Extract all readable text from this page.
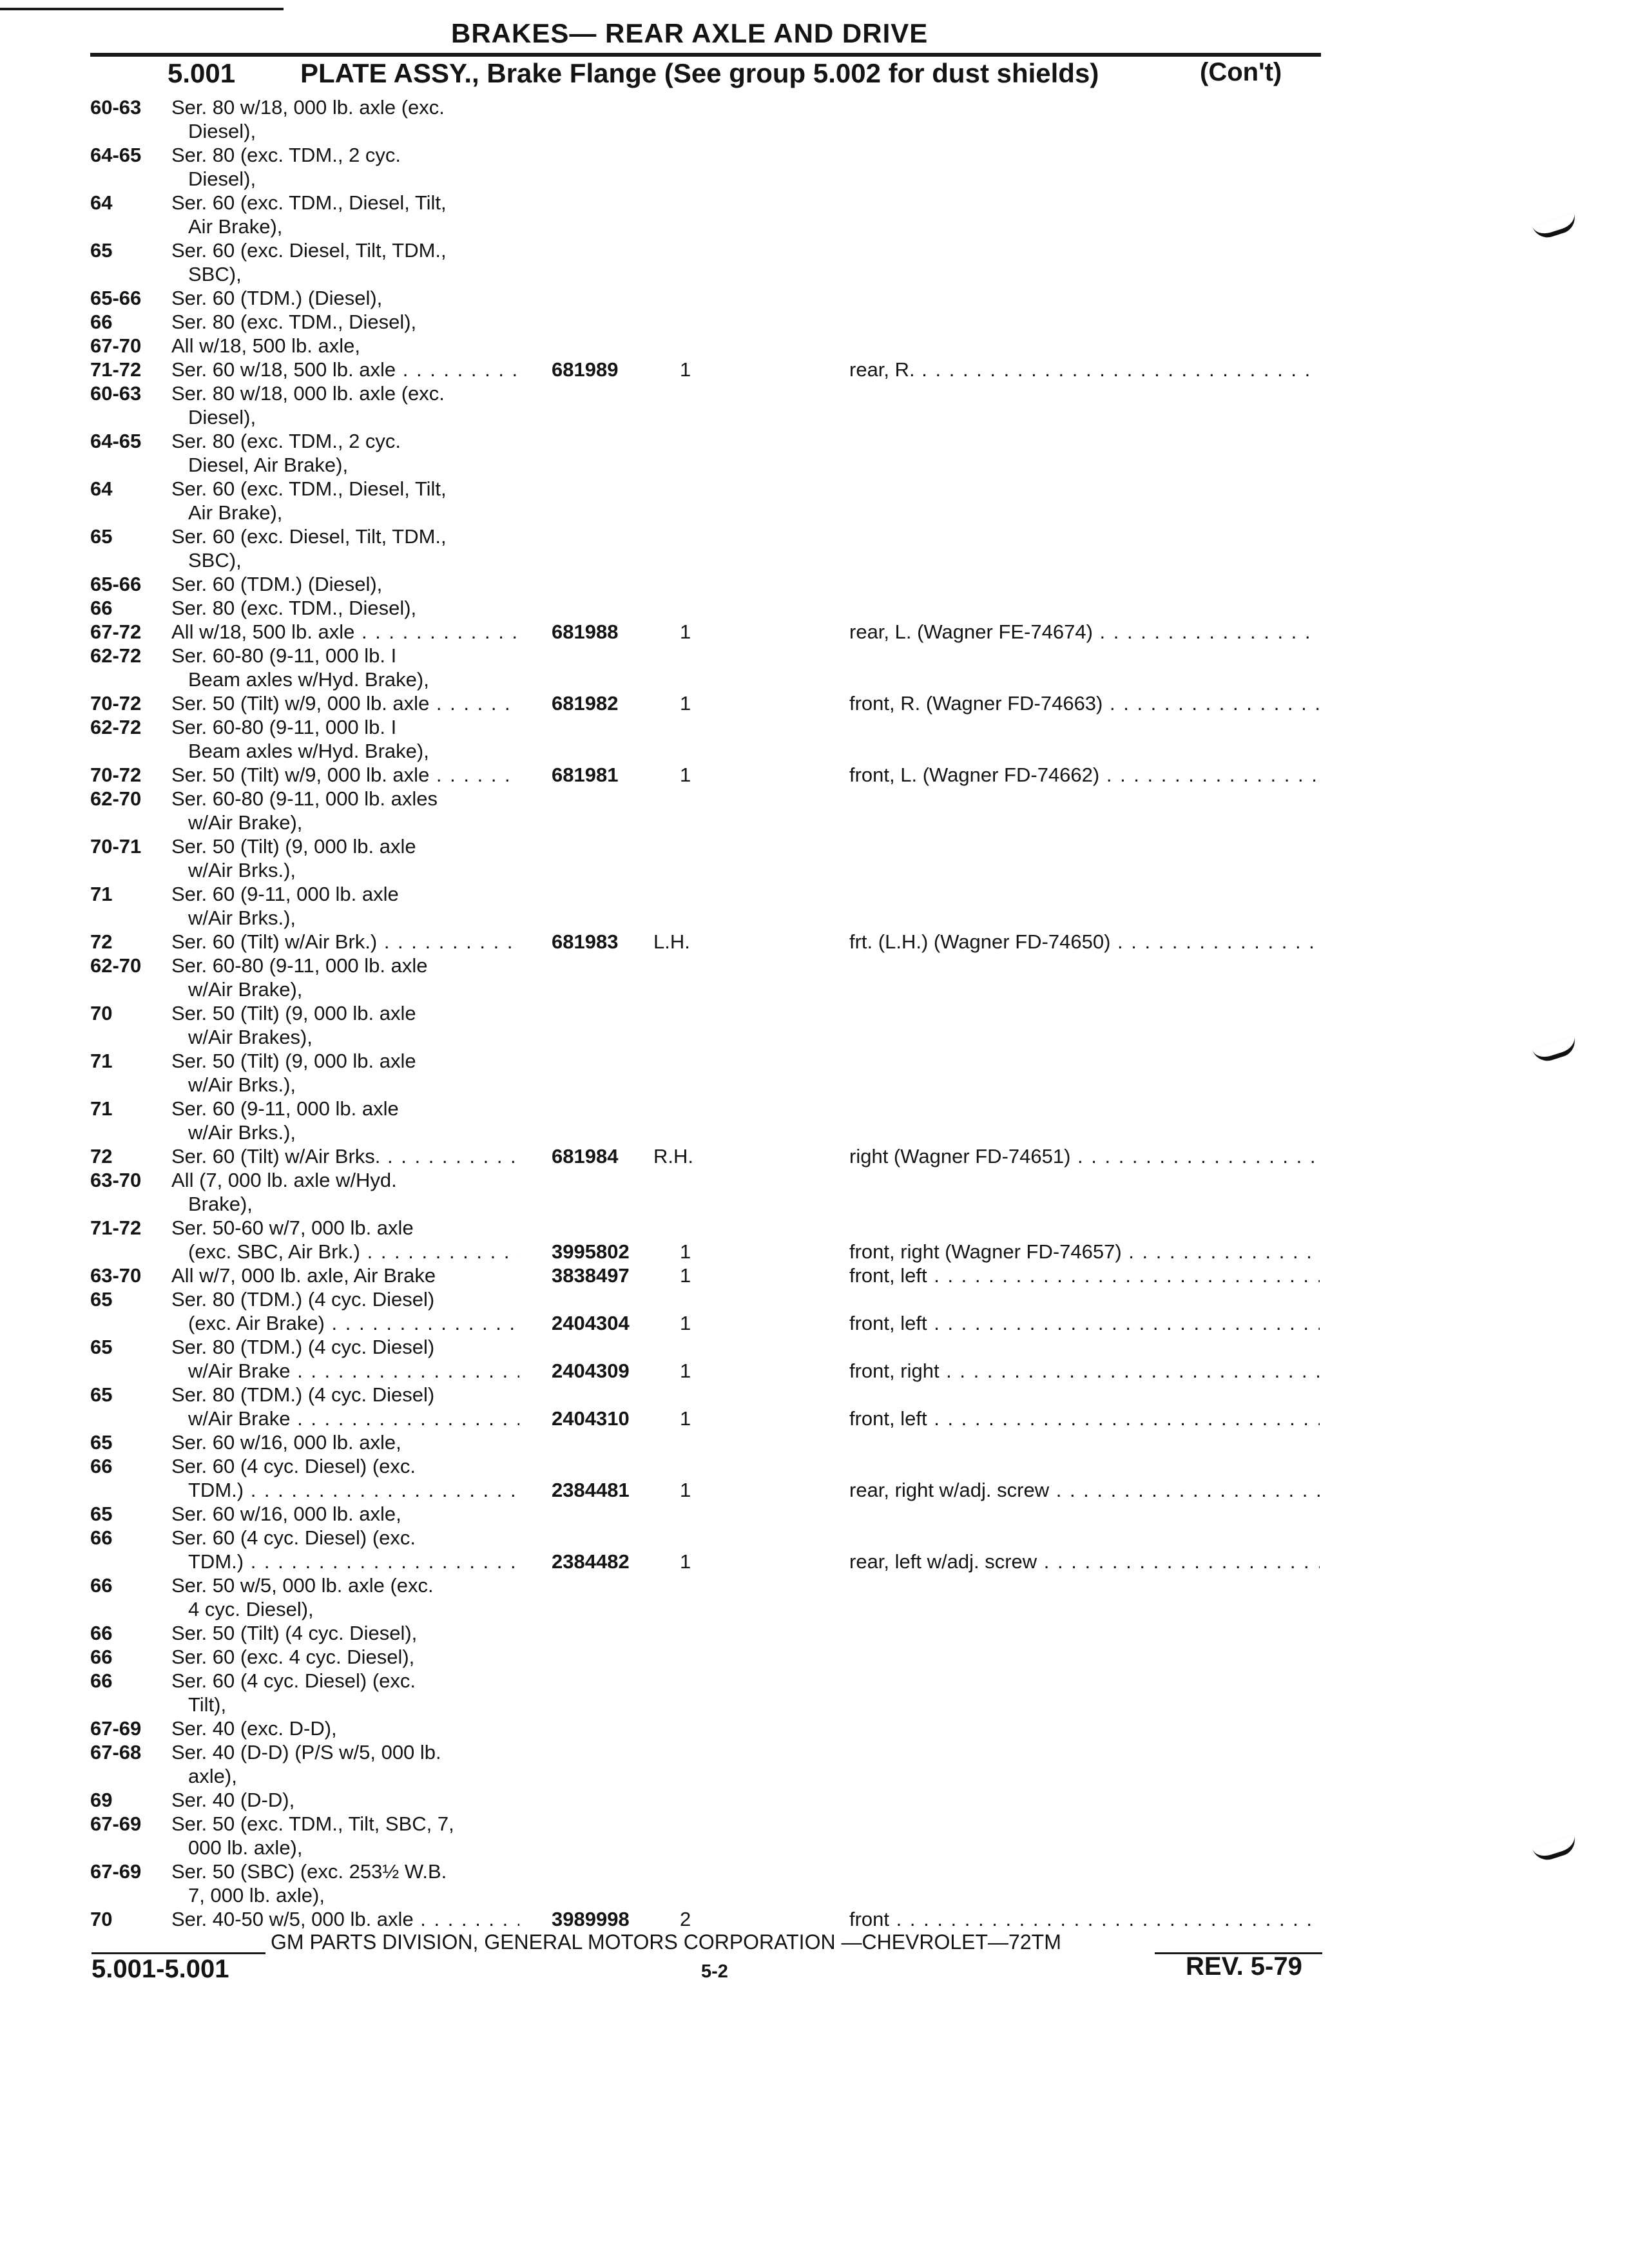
BRAKES— REAR AXLE AND DRIVE
5.001 PLATE ASSY., Brake Flange (See group 5.002 for dust shields)	(Con't)
60-63 Ser. 80 w/18, 000 lb. axle (exc.
Diesel),
64-65 Ser. 80 (exc. TDM., 2 cyc.
Diesel),
64	Ser. 60 (exc. TDM., Diesel, Tilt,
Air Brake),
65	Ser. 60 (exc. Diesel, Tilt, TDM.,
SBC),
65-66 Ser. 60 (TDM.) (Diesel),
66	Ser. 80 (exc. TDM., Diesel),
67-70 All w/18, 500 lb. axle,
71-72 Ser. 60 w/18, 500 lb. axle . . .	681989	1	rear, R. . . .
60-63 Ser. 80 w/18, 000 lb. axle (exc.
Diesel),
64-65 Ser. 80 (exc. TDM., 2 cyc.
Diesel, Air Brake),
64	Ser. 60 (exc. TDM., Diesel, Tilt,
Air Brake),
65	Ser. 60 (exc. Diesel, Tilt, TDM.,
SBC),
65-66 Ser. 60 (TDM.) (Diesel),
66	Ser. 80 (exc. TDM., Diesel),
67-72 All w/18, 500 lb. axle . . .	681988	1	rear, L. (Wagner FE-74674) . . .
62-72 Ser. 60-80 (9-11, 000 lb. I
Beam axles w/Hyd. Brake),
70-72 Ser. 50 (Tilt) w/9, 000 lb. axle . . .	681982	1	front, R. (Wagner FD-74663) . . .
62-72 Ser. 60-80 (9-11, 000 lb. I
Beam axles w/Hyd. Brake),
70-72 Ser. 50 (Tilt) w/9, 000 lb. axle . . .	681981	1	front, L. (Wagner FD-74662) . . .
62-70 Ser. 60-80 (9-11, 000 lb. axles
w/Air Brake),
70-71 Ser. 50 (Tilt) (9, 000 lb. axle
w/Air Brks.),
71	Ser. 60 (9-11, 000 lb. axle
w/Air Brks.),
72	Ser. 60 (Tilt) w/Air Brk.) . . .	681983 L.H.	frt. (L.H.) (Wagner FD-74650) . . .
62-70 Ser. 60-80 (9-11, 000 lb. axle
w/Air Brake),
70	Ser. 50 (Tilt) (9, 000 lb. axle
w/Air Brakes),
71	Ser. 50 (Tilt) (9, 000 lb. axle
w/Air Brks.),
71	Ser. 60 (9-11, 000 lb. axle
w/Air Brks.),
72	Ser. 60 (Tilt) w/Air Brks. . . .	681984 R.H.	right (Wagner FD-74651) . . .
63-70 All (7, 000 lb. axle w/Hyd.
Brake),
71-72 Ser. 50-60 w/7, 000 lb. axle
(exc. SBC, Air Brk.) . . .	3995802	1	front, right (Wagner FD-74657) . . .
63-70 All w/7, 000 lb. axle, Air Brake	3838497	1	front, left . . .
65	Ser. 80 (TDM.) (4 cyc. Diesel)
(exc. Air Brake) . . .	2404304	1	front, left . . .
65	Ser. 80 (TDM.) (4 cyc. Diesel)
w/Air Brake . . .	2404309	1	front, right . . .
65	Ser. 80 (TDM.) (4 cyc. Diesel)
w/Air Brake . . .	2404310	1	front, left . . .
65	Ser. 60 w/16, 000 lb. axle,
66	Ser. 60 (4 cyc. Diesel) (exc.
TDM.) . . .	2384481	1	rear, right w/adj. screw . . .
65	Ser. 60 w/16, 000 lb. axle,
66	Ser. 60 (4 cyc. Diesel) (exc.
TDM.) . . .	2384482	1	rear, left w/adj. screw . . .
66	Ser. 50 w/5, 000 lb. axle (exc.
4 cyc. Diesel),
66	Ser. 50 (Tilt) (4 cyc. Diesel),
66	Ser. 60 (exc. 4 cyc. Diesel),
66	Ser. 60 (4 cyc. Diesel) (exc.
Tilt),
67-69 Ser. 40 (exc. D-D),
67-68 Ser. 40 (D-D) (P/S w/5, 000 lb.
axle),
69	Ser. 40 (D-D),
67-69 Ser. 50 (exc. TDM., Tilt, SBC, 7,
000 lb. axle),
67-69 Ser. 50 (SBC) (exc. 253½ W.B.
7, 000 lb. axle),
70	Ser. 40-50 w/5, 000 lb. axle . . .	3989998	2	front . . .
GM PARTS DIVISION, GENERAL MOTORS CORPORATION —CHEVROLET—72TM
5.001-5.001	5-2	REV. 5-79
